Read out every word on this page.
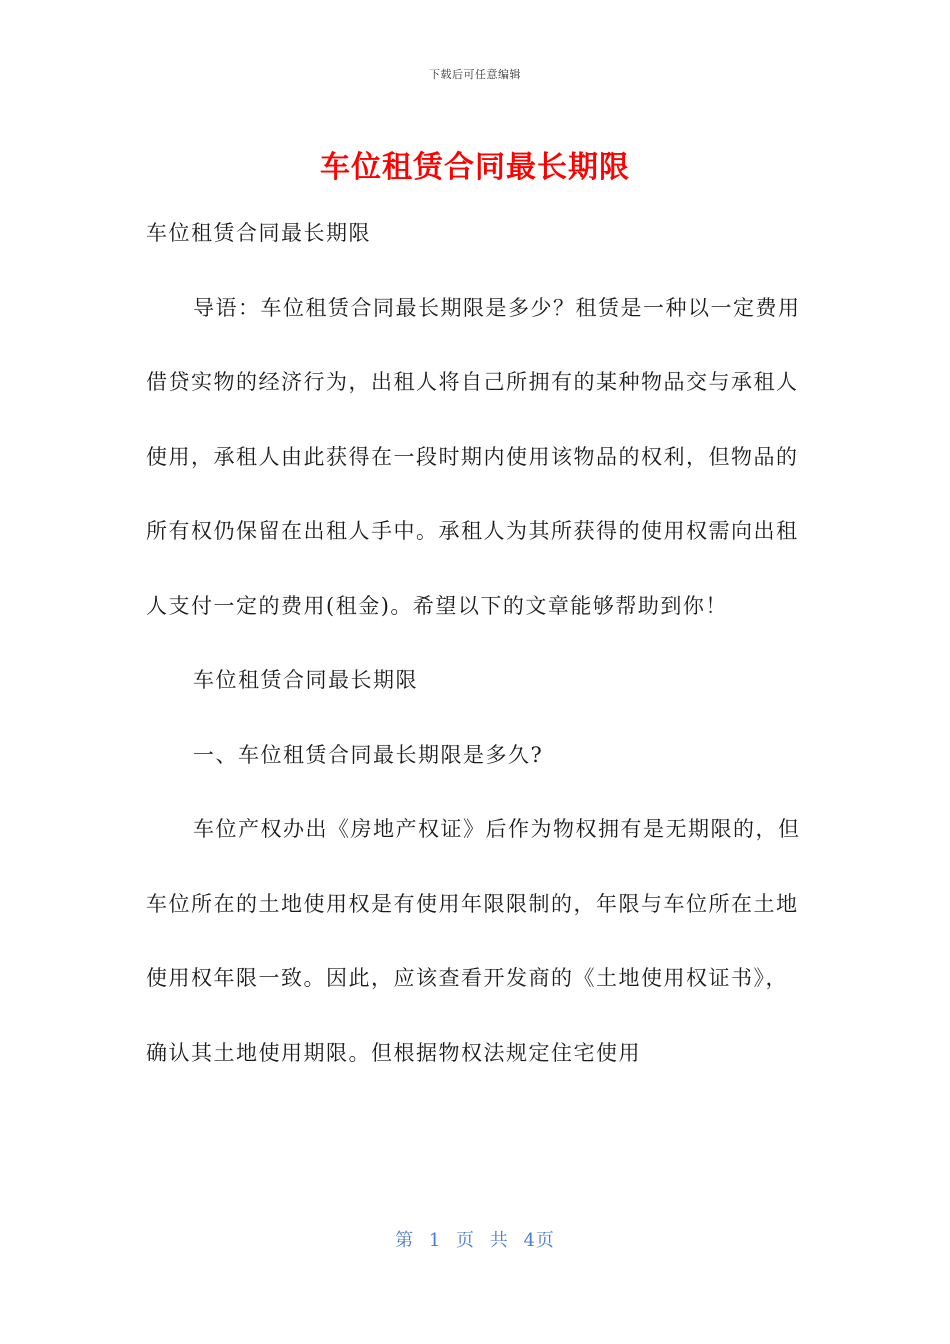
下载后可任意编辑
车位租赁合同最长期限

车位租赁合同最长期限

导语：车位租赁合同最长期限是多少？租赁是一种以一定费用借贷实物的经济行为，出租人将自己所拥有的某种物品交与承租人使用，承租人由此获得在一段时期内使用该物品的权利，但物品的所有权仍保留在出租人手中。承租人为其所获得的使用权需向出租人支付一定的费用(租金)。希望以下的文章能够帮助到你！

车位租赁合同最长期限

一、车位租赁合同最长期限是多久?

车位产权办出《房地产权证》后作为物权拥有是无期限的，但车位所在的土地使用权是有使用年限限制的，年限与车位所在土地使用权年限一致。因此，应该查看开发商的《土地使用权证书》，确认其土地使用期限。但根据物权法规定住宅使用

第 1 页 共 4页
